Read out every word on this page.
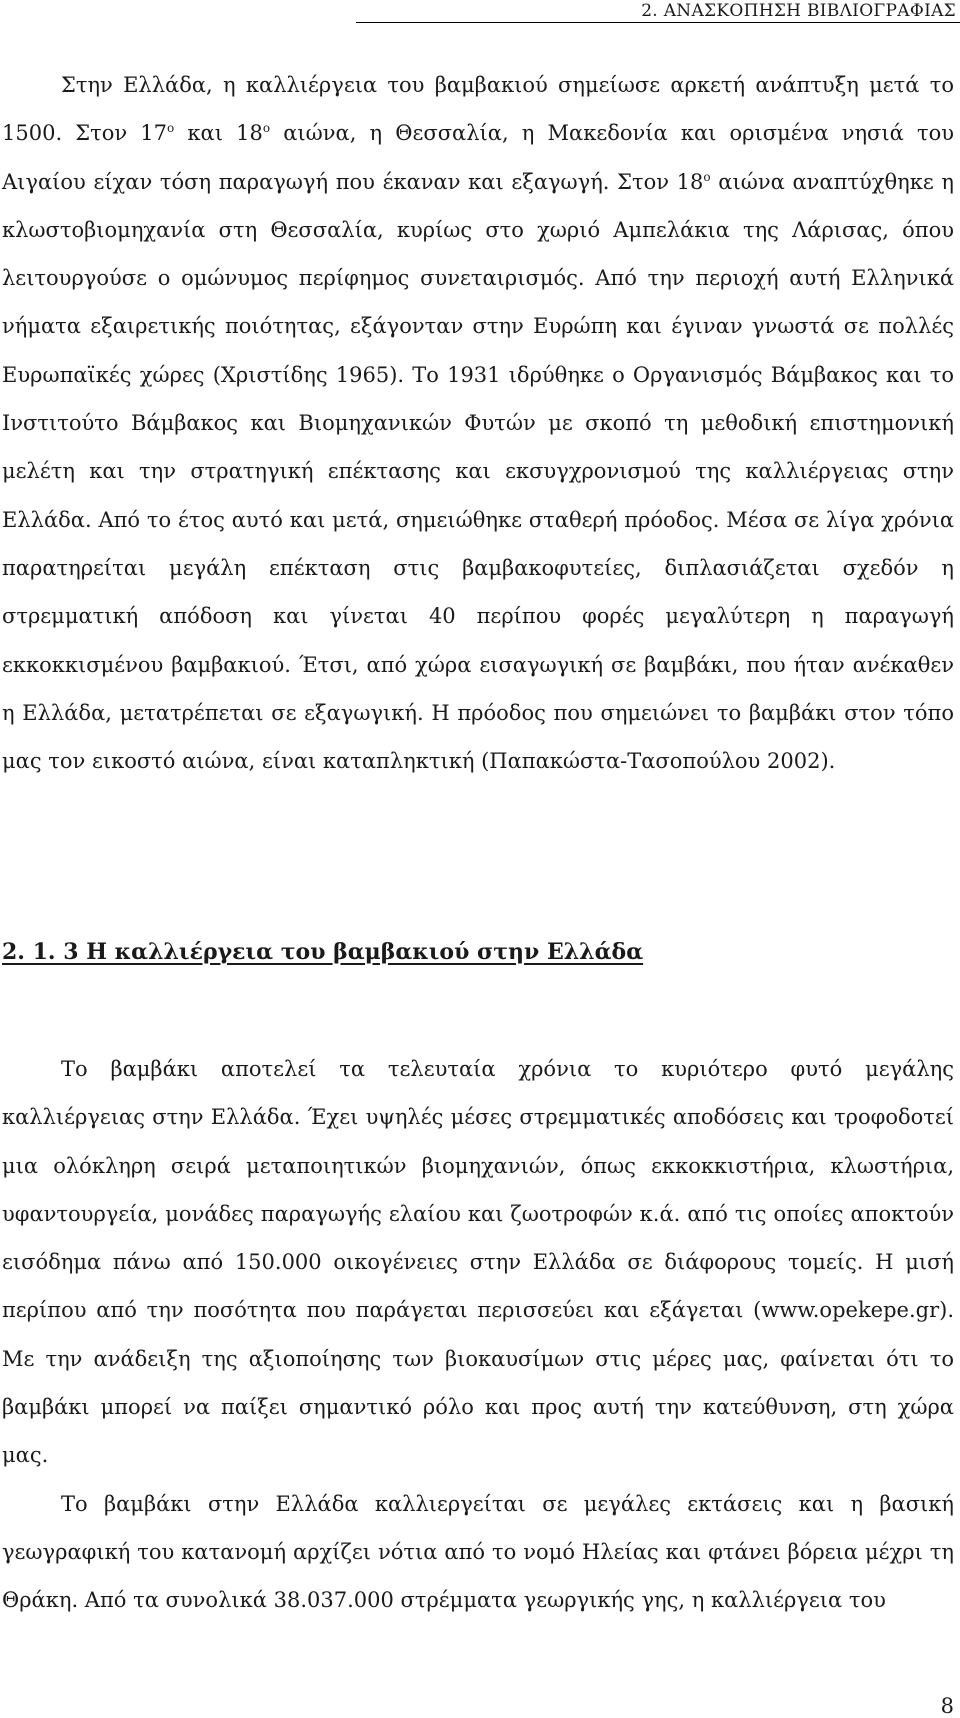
2. ΑΝΑΣΚΟΠΗΣΗ ΒΙΒΛΙΟΓΡΑΦΙΑΣ

Στην Ελλάδα, η καλλιέργεια του βαμβακιού σημείωσε αρκετή ανάπτυξη μετά το 1500. Στον $17^o$ και $18^o$ αιώνα, η Θεσσαλία, η Μακεδονία και ορισμένα νησιά του Αιγαίου είχαν τόση παραγωγή που έκαναν και εξαγωγή. Στον $18^o$ αιώνα αναπτύχθηκε η κλωστοβιομηχανία στη Θεσσαλία, κυρίως στο χωριό Αμπελάκια της Λάρισας, όπου λειτουργούσε ο ομώνυμος περίφημος συνεταιρισμός. Από την περιοχή αυτή Ελληνικά νήματα εξαιρετικής ποιότητας, εξάγονταν στην Ευρώπη και έγιναν γνωστά σε πολλές Ευρωπαϊκές χώρες (Χριστίδης 1965). Το 1931 ιδρύθηκε ο Οργανισμός Βάμβακος και το Ινστιτούτο Βάμβακος και Βιομηχανικών Φυτών με σκοπό τη μεθοδική επιστημονική μελέτη και την στρατηγική επέκτασης και εκσυγχρονισμού της καλλιέργειας στην Ελλάδα. Από το έτος αυτό και μετά, σημειώθηκε σταθερή πρόοδος. Μέσα σε λίγα χρόνια παρατηρείται μεγάλη επέκταση στις βαμβακοφυτείες, διπλασιάζεται σχεδόν η στρεμματική απόδοση και γίνεται 40 περίπου φορές μεγαλύτερη η παραγωγή εκκοκκισμένου βαμβακιού. Έτσι, από χώρα εισαγωγική σε βαμβάκι, που ήταν ανέκαθεν η Ελλάδα, μετατρέπεται σε εξαγωγική. Η πρόοδος που σημειώνει το βαμβάκι στον τόπο μας τον εικοστό αιώνα, είναι καταπληκτική (Παπακώστα-Τασοπούλου 2002).

2. 1. 3 Η καλλιέργεια του βαμβακιού στην Ελλάδα

Το βαμβάκι αποτελεί τα τελευταία χρόνια το κυριότερο φυτό μεγάλης καλλιέργειας στην Ελλάδα. Έχει υψηλές μέσες στρεμματικές αποδόσεις και τροφοδοτεί μια ολόκληρη σειρά μεταποιητικών βιομηχανιών, όπως εκκοκκιστήρια, κλωστήρια, υφαντουργεία, μονάδες παραγωγής ελαίου και ζωοτροφών κ.ά. από τις οποίες αποκτούν εισόδημα πάνω από 150.000 οικογένειες στην Ελλάδα σε διάφορους τομείς. Η μισή περίπου από την ποσότητα που παράγεται περισσεύει και εξάγεται (www.opekepe.gr). Με την ανάδειξη της αξιοποίησης των βιοκαυσίμων στις μέρες μας, φαίνεται ότι το βαμβάκι μπορεί να παίξει σημαντικό ρόλο και προς αυτή την κατεύθυνση, στη χώρα μας.

Το βαμβάκι στην Ελλάδα καλλιεργείται σε μεγάλες εκτάσεις και η βασική γεωγραφική του κατανομή αρχίζει νότια από το νομό Ηλείας και φτάνει βόρεια μέχρι τη Θράκη. Από τα συνολικά 38.037.000 στρέμματα γεωργικής γης, η καλλιέργεια του

8
